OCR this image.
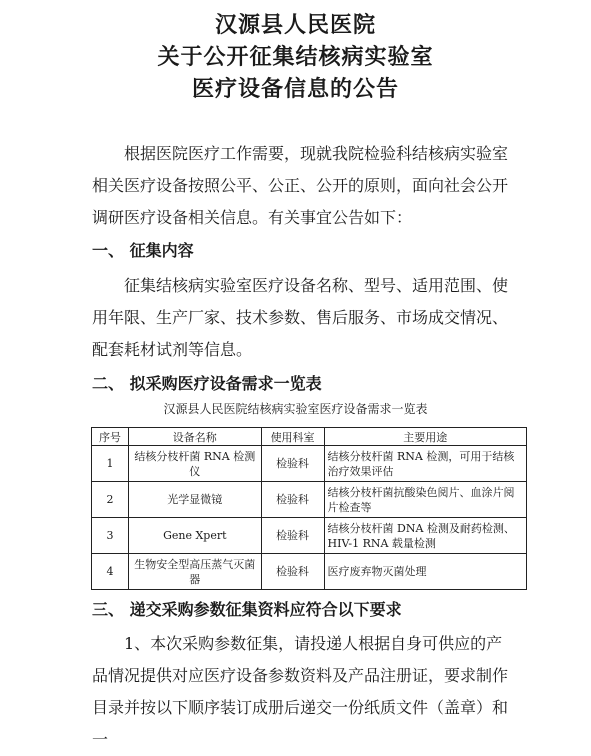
汉源县人民医院
关于公开征集结核病实验室
医疗设备信息的公告

根据医院医疗工作需要，现就我院检验科结核病实验室相关医疗设备按照公平、公正、公开的原则，面向社会公开调研医疗设备相关信息。有关事宜公告如下：

一、 征集内容

征集结核病实验室医疗设备名称、型号、适用范围、使用年限、生产厂家、技术参数、售后服务、市场成交情况、配套耗材试剂等信息。

二、 拟采购医疗设备需求一览表
汉源县人民医院结核病实验室医疗设备需求一览表
序号	设备名称	使用科室	主要用途
1	结核分枝杆菌 RNA 检测仪	检验科	结核分枝杆菌 RNA 检测，可用于结核治疗效果评估
2	光学显微镜	检验科	结核分枝杆菌抗酸染色阅片、血涂片阅片检查等
3	Gene Xpert	检验科	结核分枝杆菌 DNA 检测及耐药检测、HIV-1 RNA 载量检测
4	生物安全型高压蒸气灭菌器	检验科	医疗废弃物灭菌处理
三、 递交采购参数征集资料应符合以下要求

1、本次采购参数征集，请投递人根据自身可供应的产品情况提供对应医疗设备参数资料及产品注册证，要求制作目录并按以下顺序装订成册后递交一份纸质文件（盖章）和一
